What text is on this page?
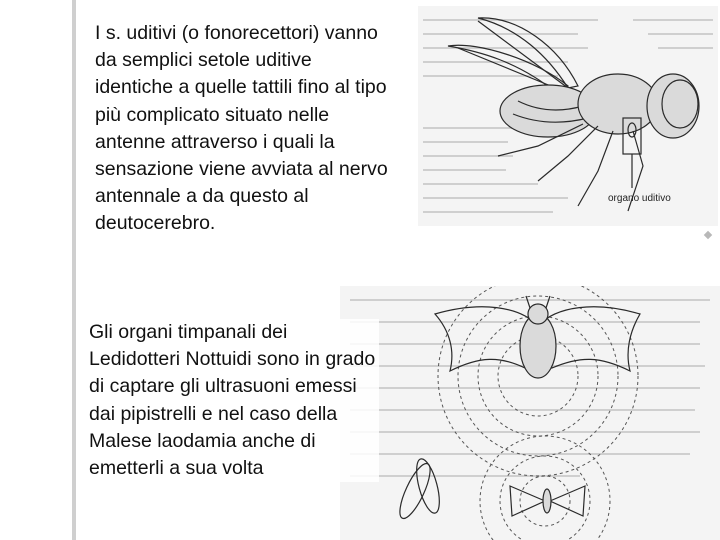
I s. uditivi (o fonorecettori) vanno da semplici setole uditive identiche a quelle tattili fino al tipo più complicato situato nelle antenne attraverso i quali la sensazione viene avviata al nervo antennale a da questo al deutocerebro.

organo uditivo

Gli organi timpanali dei Ledidotteri Nottuidi sono in grado di captare gli ultrasuoni emessi dai pipistrelli e nel caso della Malese laodamia anche di emetterli a sua volta
